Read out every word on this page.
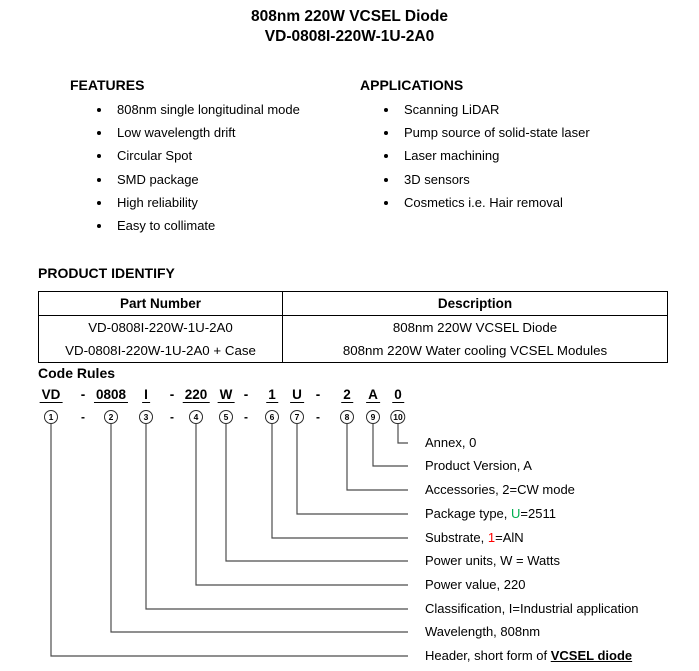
808nm 220W VCSEL Diode
VD-0808I-220W-1U-2A0
FEATURES
808nm single longitudinal mode
Low wavelength drift
Circular Spot
SMD package
High reliability
Easy to collimate
APPLICATIONS
Scanning LiDAR
Pump source of solid-state laser
Laser machining
3D sensors
Cosmetics i.e. Hair removal
PRODUCT IDENTIFY
Part Number	Description
VD-0808I-220W-1U-2A0	808nm 220W VCSEL Diode
VD-0808I-220W-1U-2A0 + Case	808nm 220W Water cooling VCSEL Modules
Code Rules
VD	0808 I	220 W	1 U	2 A 0
1	2	3	4	5	6	7	8	9	10
-
-
-
-
-
-
-
-
Annex, 0
Product Version, A
Accessories, 2=CW mode
Package type, U=2511
Substrate, 1=AlN
Power units, W = Watts
Power value, 220
Classification, I=Industrial application
Wavelength, 808nm
Header, short form of VCSEL diode
